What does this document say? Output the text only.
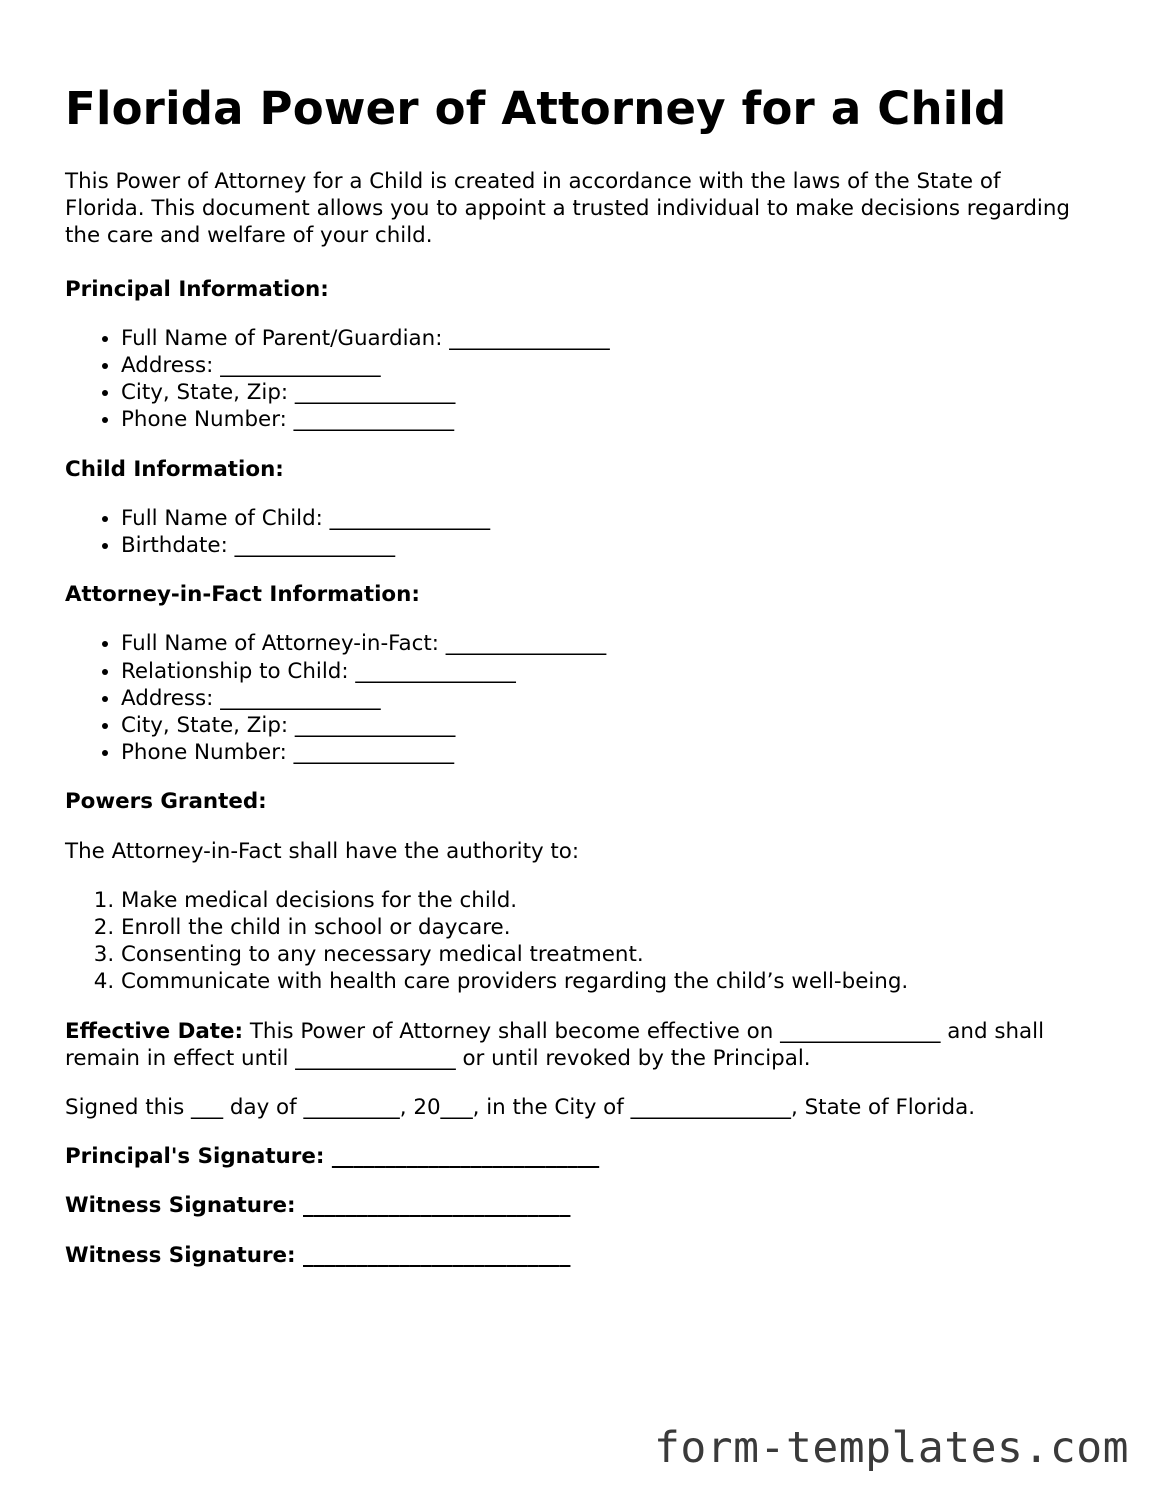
Florida Power of Attorney for a Child

This Power of Attorney for a Child is created in accordance with the laws of the State of Florida. This document allows you to appoint a trusted individual to make decisions regarding the care and welfare of your child.

Principal Information:

• Full Name of Parent/Guardian: _______________
• Address: _______________
• City, State, Zip: _______________
• Phone Number: _______________

Child Information:

• Full Name of Child: _______________
• Birthdate: _______________

Attorney-in-Fact Information:

• Full Name of Attorney-in-Fact: _______________
• Relationship to Child: _______________
• Address: _______________
• City, State, Zip: _______________
• Phone Number: _______________

Powers Granted:

The Attorney-in-Fact shall have the authority to:

1. Make medical decisions for the child.
2. Enroll the child in school or daycare.
3. Consenting to any necessary medical treatment.
4. Communicate with health care providers regarding the child’s well-being.

Effective Date: This Power of Attorney shall become effective on _______________ and shall remain in effect until _______________ or until revoked by the Principal.

Signed this ___ day of _________, 20___, in the City of _______________, State of Florida.

Principal's Signature: _________________________

Witness Signature: _________________________

Witness Signature: _________________________

form-templates.com
